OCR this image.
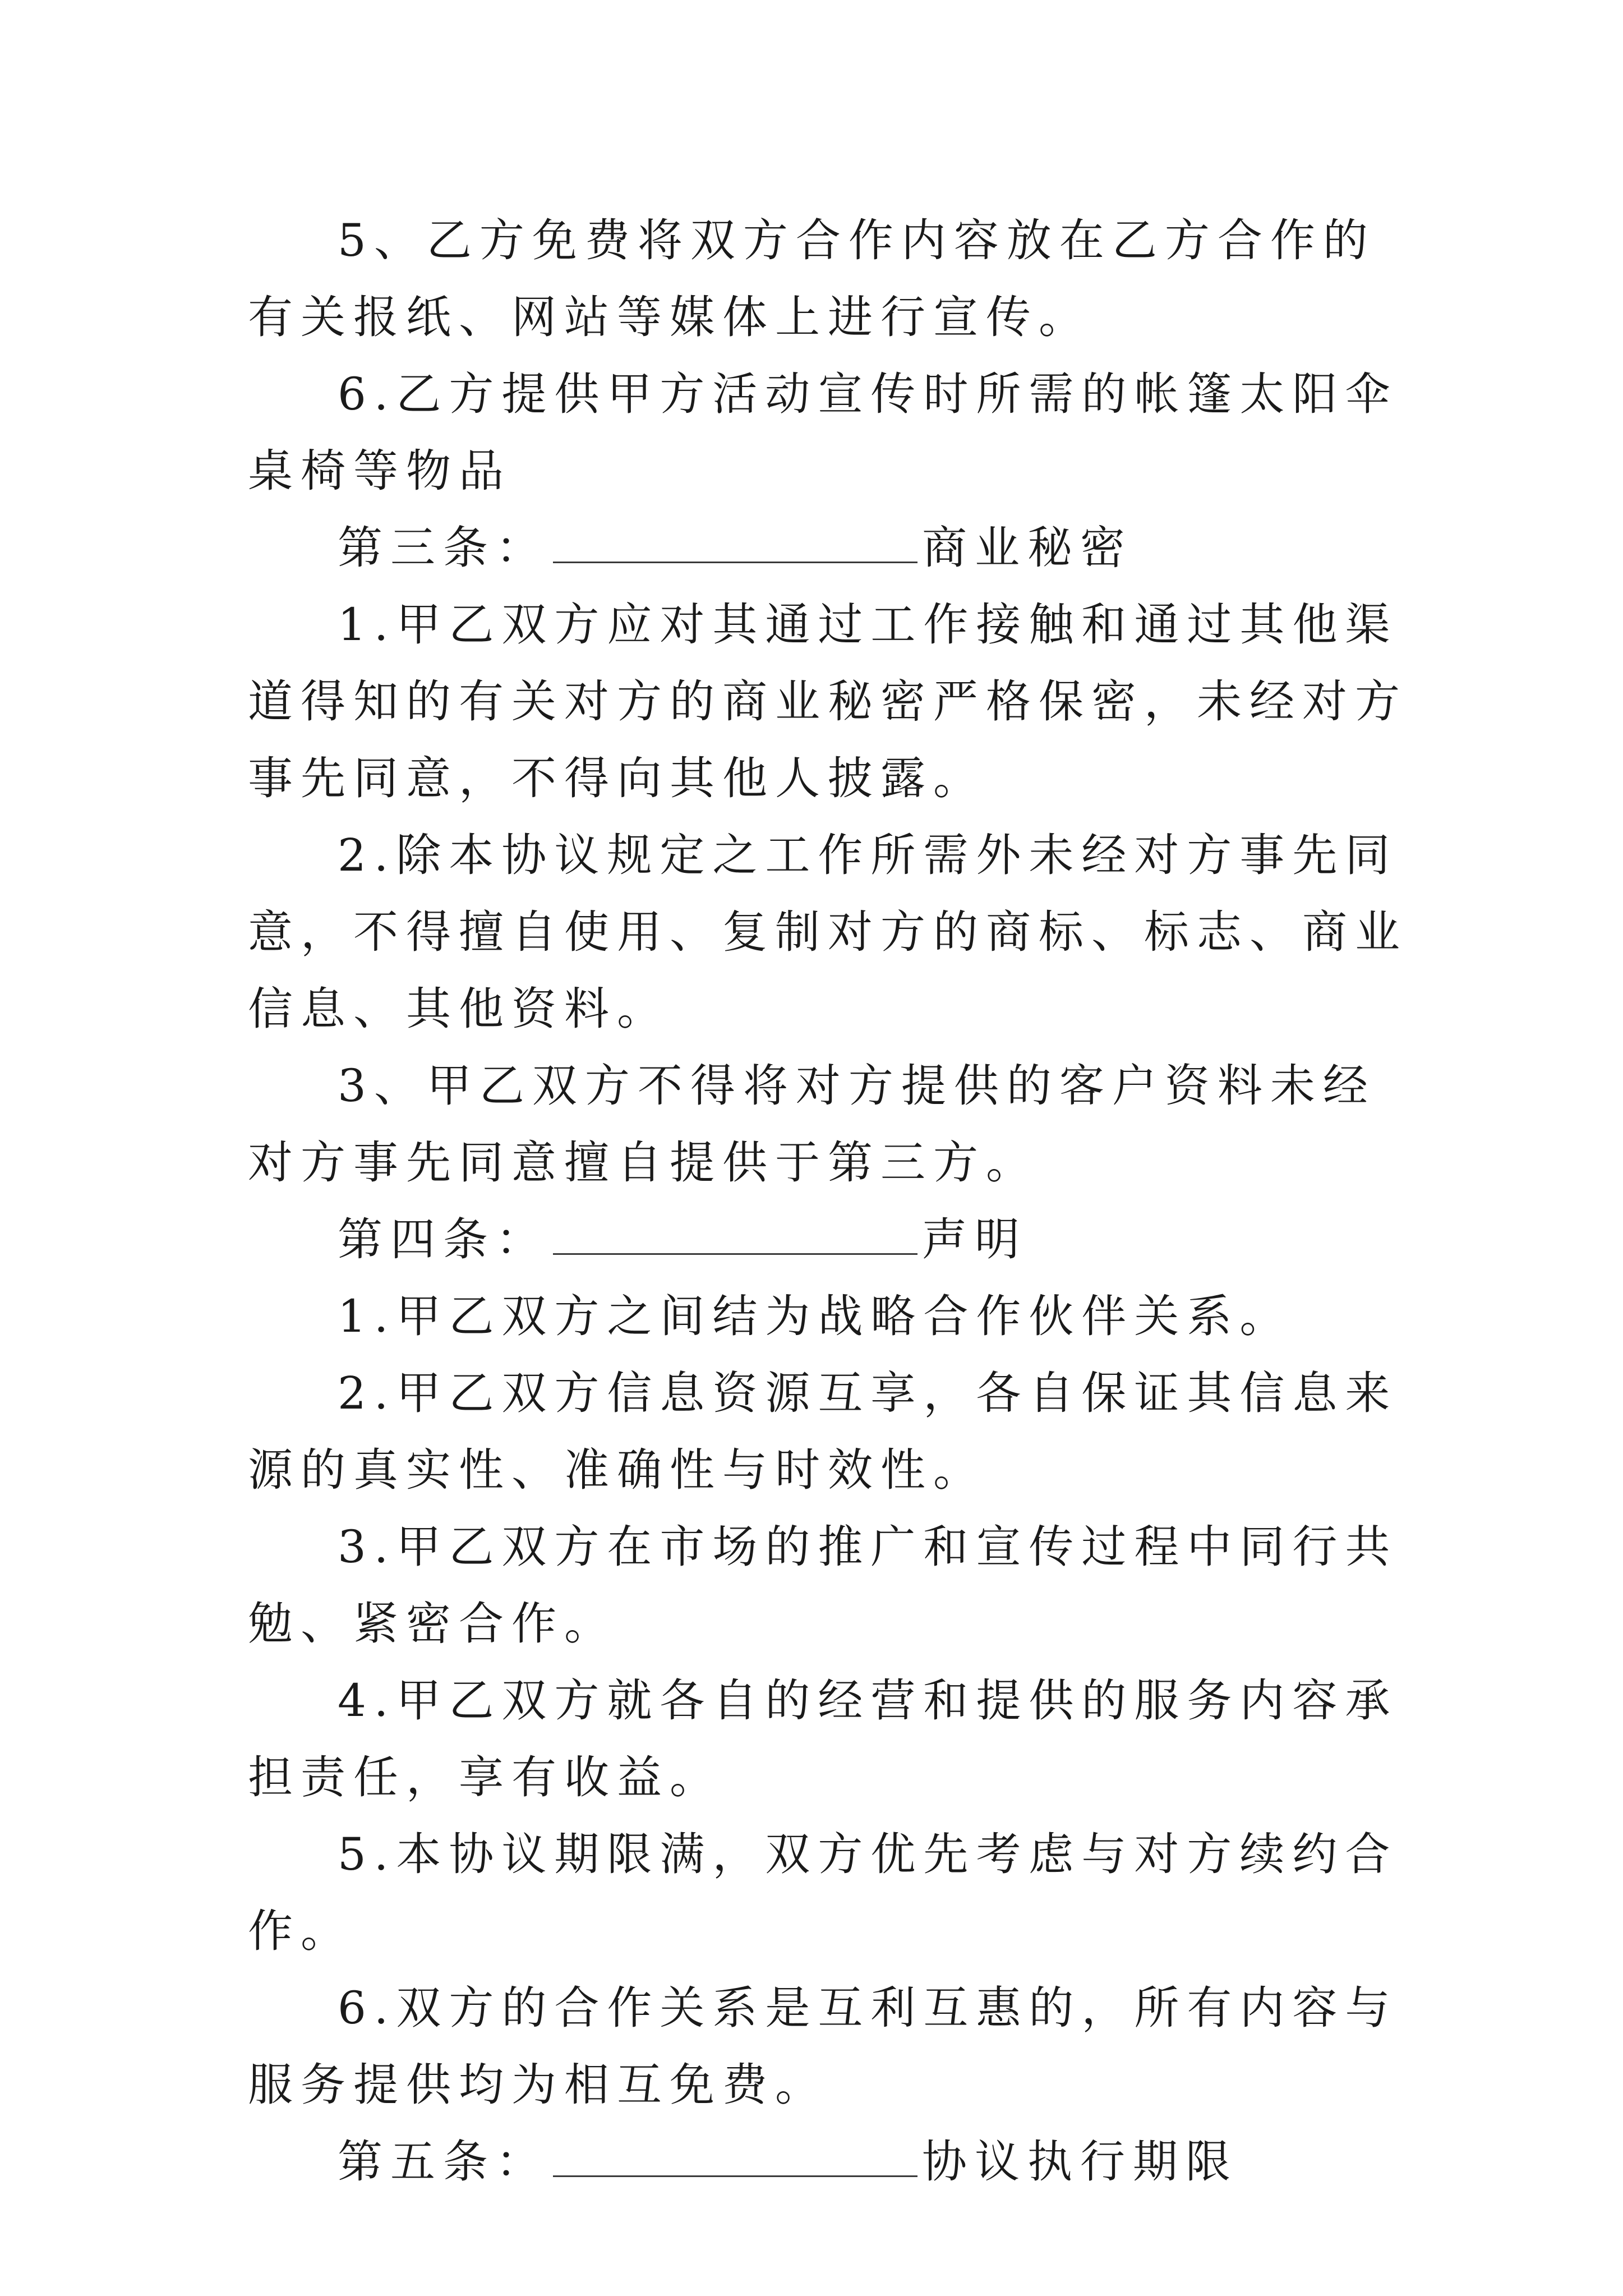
5、乙方免费将双方合作内容放在乙方合作的有关报纸、网站等媒体上进行宣传。

6.乙方提供甲方活动宣传时所需的帐篷太阳伞桌椅等物品

第三条：	商业秘密

1.甲乙双方应对其通过工作接触和通过其他渠道得知的有关对方的商业秘密严格保密，未经对方事先同意，不得向其他人披露。

2.除本协议规定之工作所需外未经对方事先同意，不得擅自使用、复制对方的商标、标志、商业信息、其他资料。

3、甲乙双方不得将对方提供的客户资料未经对方事先同意擅自提供于第三方。

第四条：	声明

1.甲乙双方之间结为战略合作伙伴关系。

2.甲乙双方信息资源互享，各自保证其信息来源的真实性、准确性与时效性。

3.甲乙双方在市场的推广和宣传过程中同行共勉、紧密合作。

4.甲乙双方就各自的经营和提供的服务内容承担责任，享有收益。

5.本协议期限满，双方优先考虑与对方续约合作。

6.双方的合作关系是互利互惠的，所有内容与服务提供均为相互免费。

第五条：	协议执行期限
